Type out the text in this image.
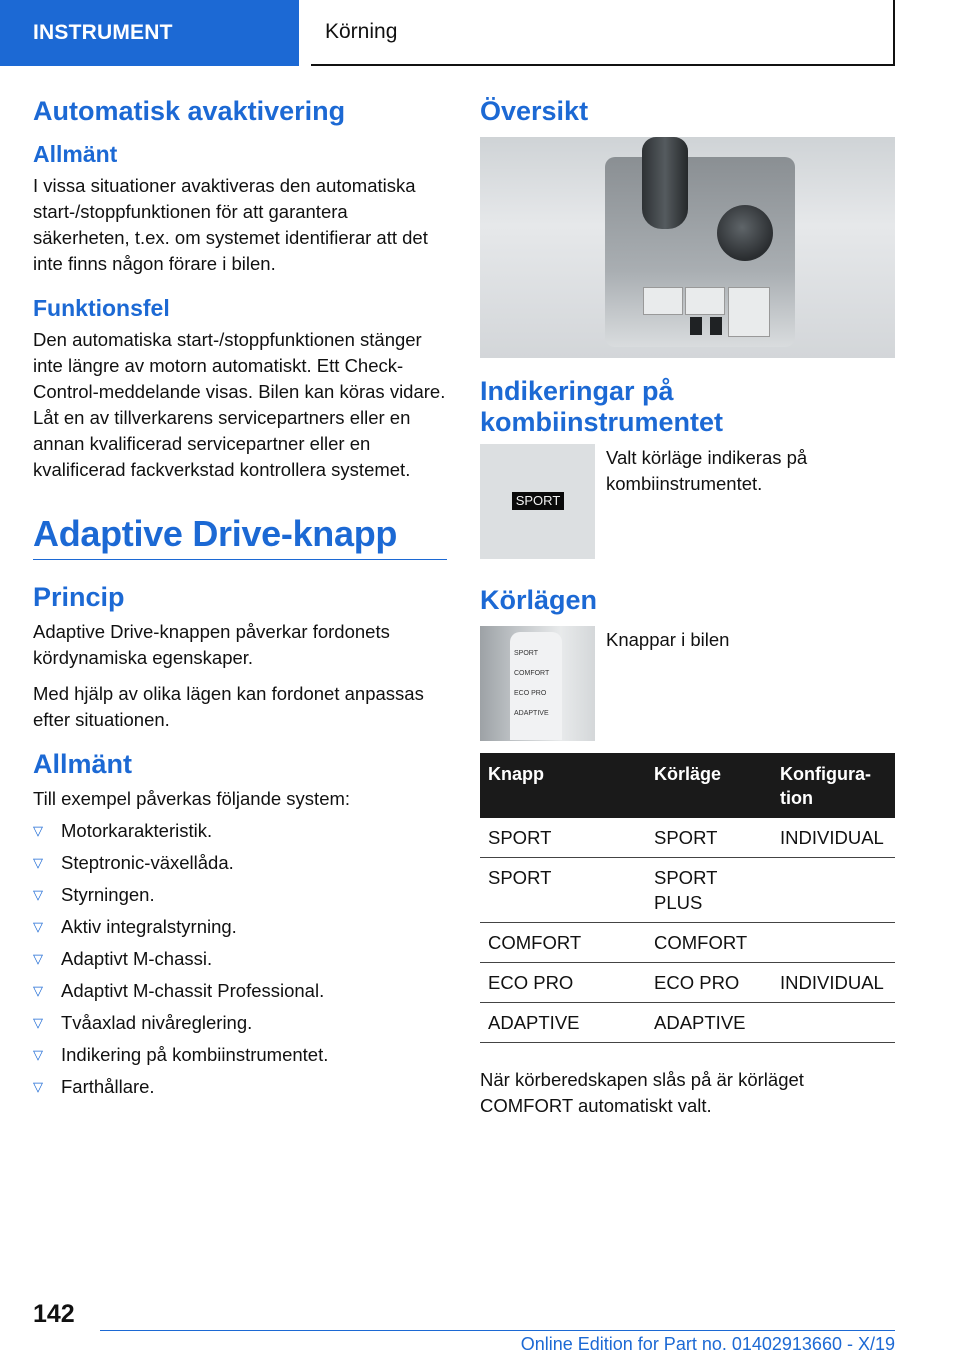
INSTRUMENT	Körning
Automatisk avaktivering
Allmänt

I vissa situationer avaktiveras den automatiska start-/stoppfunktionen för att garantera säkerheten, t.ex. om systemet identifierar att det inte finns någon förare i bilen.

Funktionsfel

Den automatiska start-/stoppfunktionen stänger inte längre av motorn automatiskt. Ett Check-Control-meddelande visas. Bilen kan köras vidare. Låt en av tillverkarens servicepartners eller en annan kvalificerad servicepartner eller en kvalificerad fackverkstad kontrollera systemet.

Adaptive Drive-knapp
Princip

Adaptive Drive-knappen påverkar fordonets kördynamiska egenskaper.

Med hjälp av olika lägen kan fordonet anpassas efter situationen.

Allmänt

Till exempel påverkas följande system:

▽ Motorkarakteristik.
▽ Steptronic-växellåda.
▽ Styrningen.
▽ Aktiv integralstyrning.
▽ Adaptivt M-chassi.
▽ Adaptivt M-chassit Professional.
▽ Tvåaxlad nivåreglering.
▽ Indikering på kombiinstrumentet.
▽ Farthållare.
Översikt
Indikeringar på kombiinstrumentet
SPORT
Valt körläge indikeras på kombiinstrumentet.
Körlägen
SPORT
COMFORT
ECO PRO
ADAPTIVE
Knappar i bilen
Knapp	Körläge	Konfigura-tion
SPORT	SPORT	INDIVIDUAL
SPORT	SPORT PLUS	
COMFORT	COMFORT	
ECO PRO	ECO PRO	INDIVIDUAL
ADAPTIVE	ADAPTIVE	

När körberedskapen slås på är körläget COMFORT automatiskt valt.

142
Online Edition for Part no. 01402913660 - X/19
